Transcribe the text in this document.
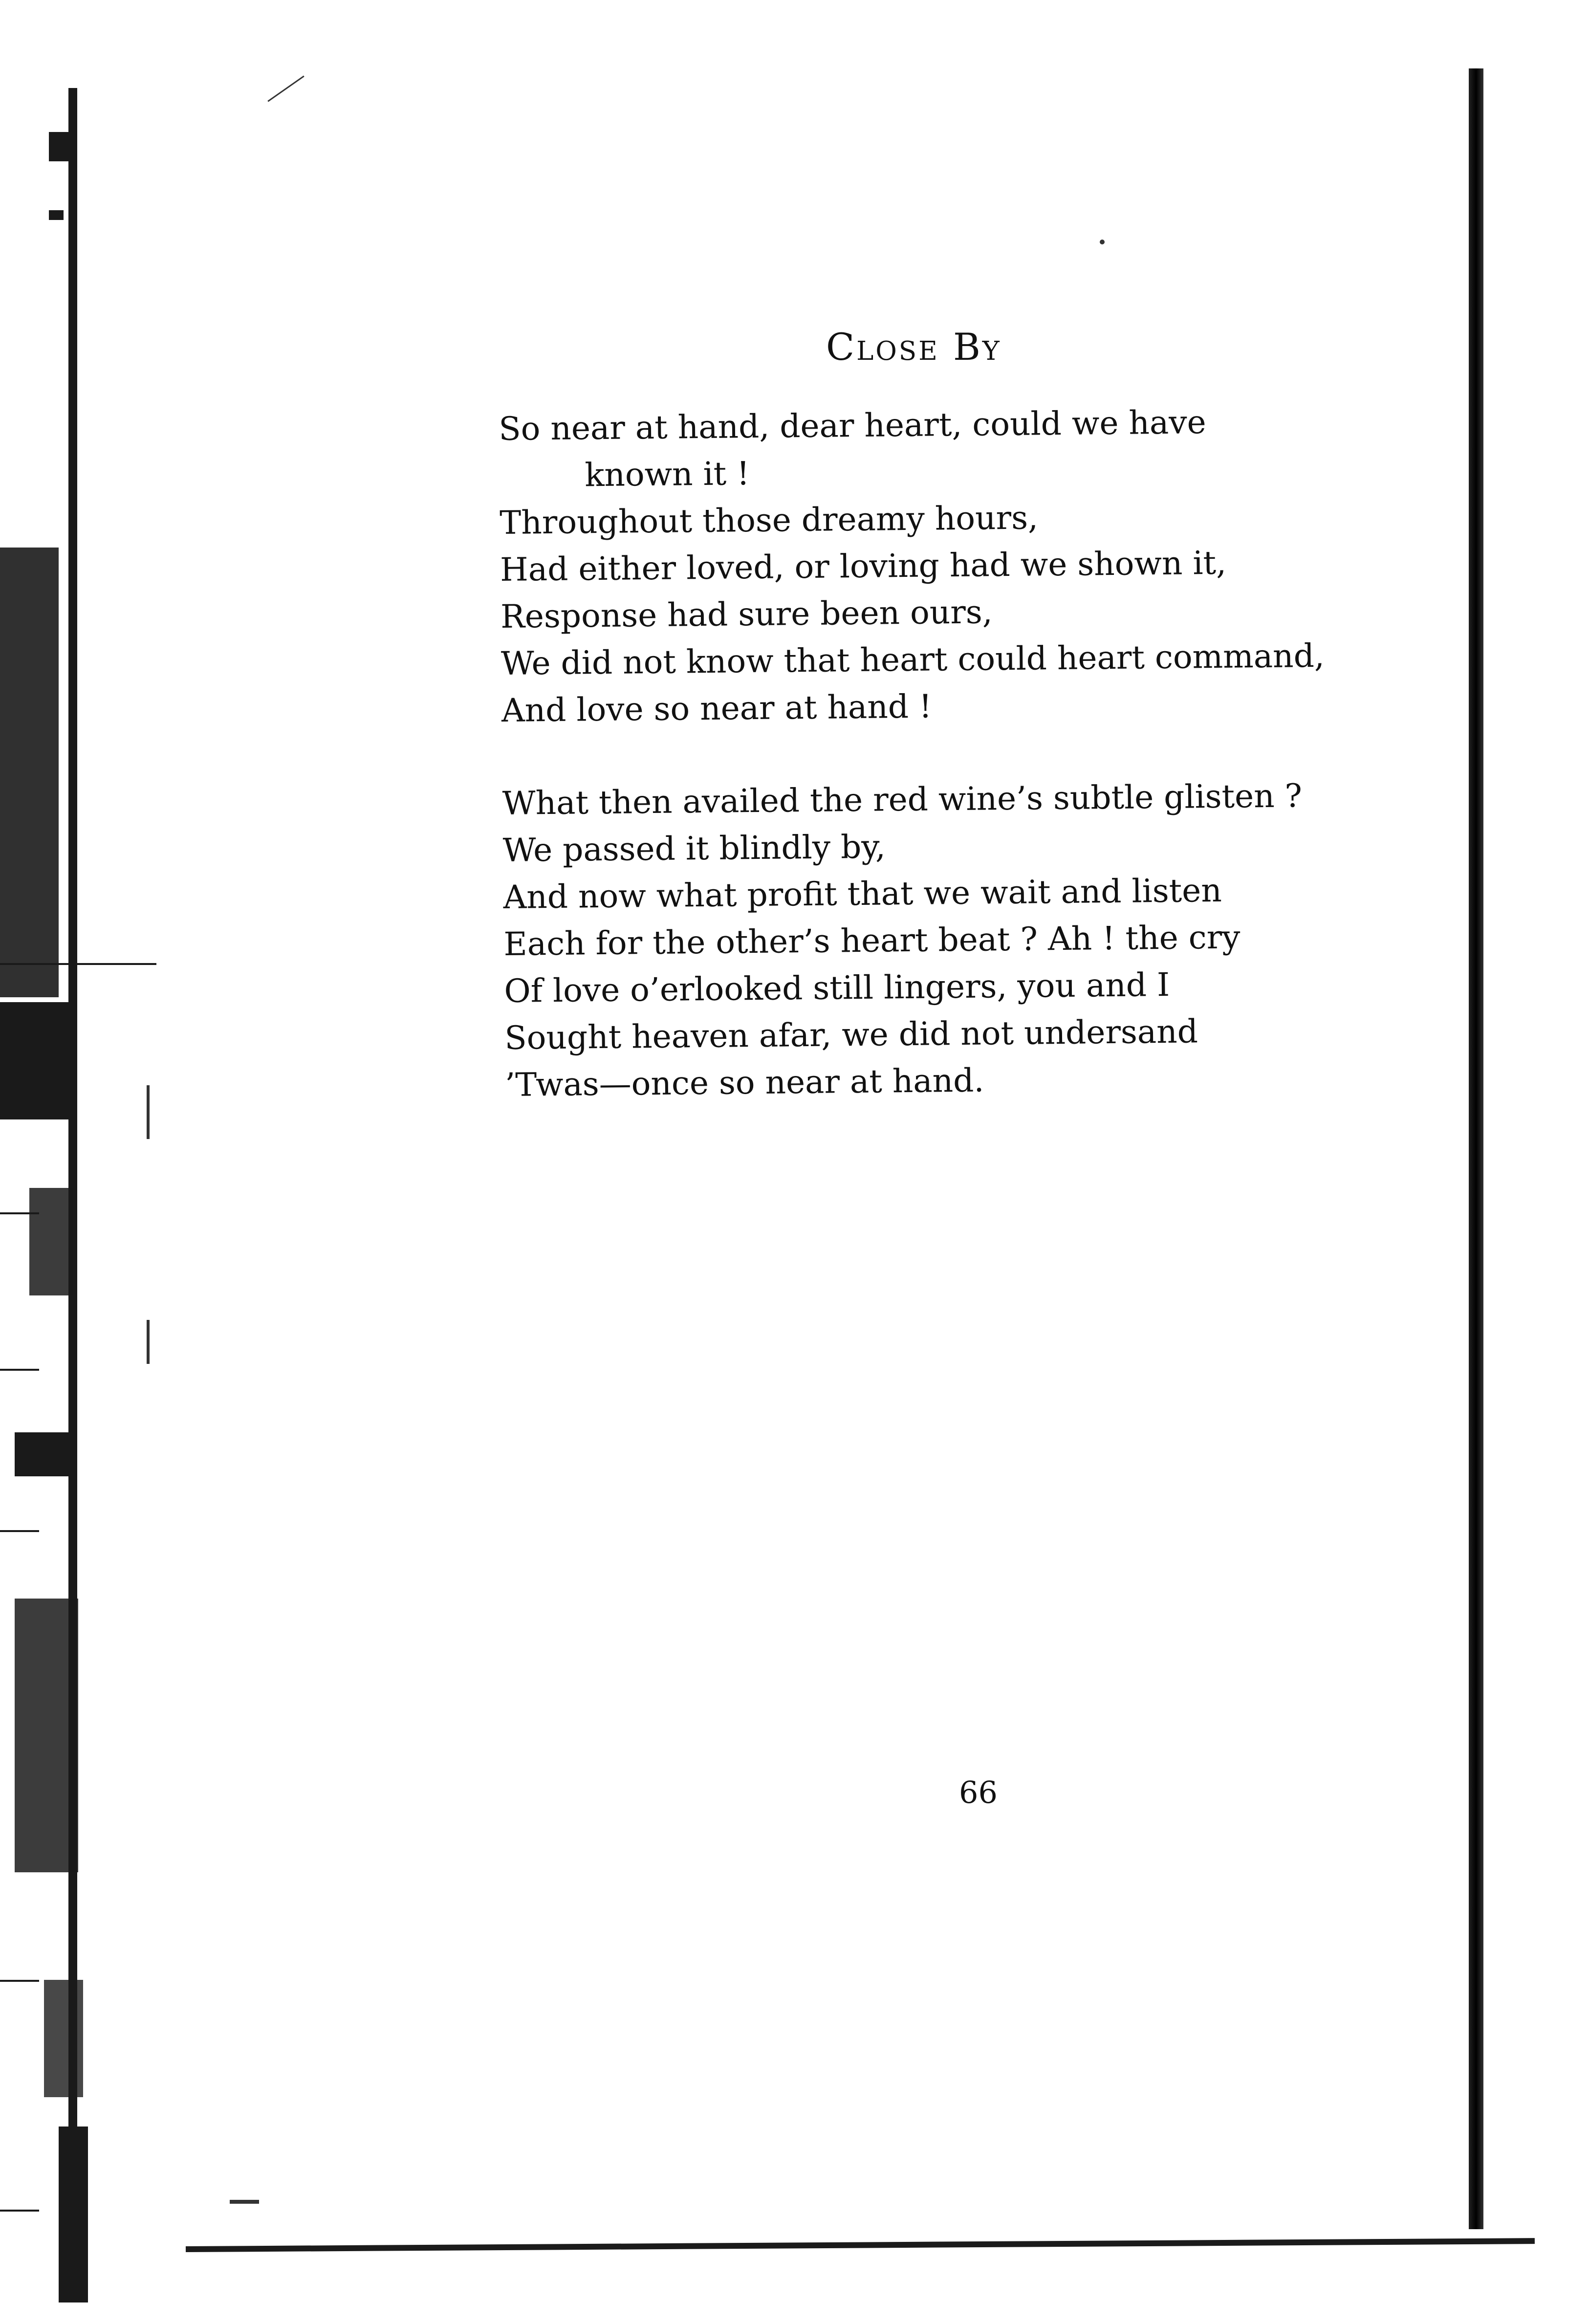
Close By
So near at hand, dear heart, could we have
known it !
Throughout those dreamy hours,
Had either loved, or loving had we shown it,
Response had sure been ours,
We did not know that heart could heart command,
And love so near at hand !
What then availed the red wine’s subtle glisten ?
We passed it blindly by,
And now what profit that we wait and listen
Each for the other’s heart beat ? Ah ! the cry
Of love o’erlooked still lingers, you and I
Sought heaven afar, we did not undersand
’Twas—once so near at hand.
66
